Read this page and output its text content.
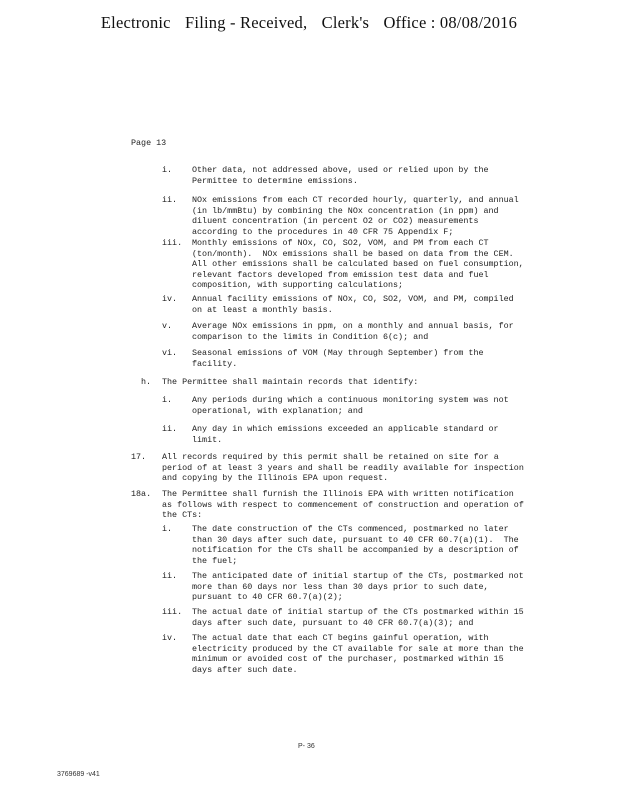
Electronic Filing - Received, Clerk's Office : 08/08/2016
Page 13
i. Other data, not addressed above, used or relied upon by the
Permittee to determine emissions.
ii. NOx emissions from each CT recorded hourly, quarterly, and annual
(in lb/mmBtu) by combining the NOx concentration (in ppm) and
diluent concentration (in percent O2 or CO2) measurements
according to the procedures in 40 CFR 75 Appendix F;
iii. Monthly emissions of NOx, CO, SO2, VOM, and PM from each CT
(ton/month).  NOx emissions shall be based on data from the CEM.
All other emissions shall be calculated based on fuel consumption,
relevant factors developed from emission test data and fuel
composition, with supporting calculations;
iv. Annual facility emissions of NOx, CO, SO2, VOM, and PM, compiled
on at least a monthly basis.
v. Average NOx emissions in ppm, on a monthly and annual basis, for
comparison to the limits in Condition 6(c); and
vi. Seasonal emissions of VOM (May through September) from the
facility.
h. The Permittee shall maintain records that identify:
i. Any periods during which a continuous monitoring system was not
operational, with explanation; and
ii. Any day in which emissions exceeded an applicable standard or
limit.
17. All records required by this permit shall be retained on site for a
period of at least 3 years and shall be readily available for inspection
and copying by the Illinois EPA upon request.
18a. The Permittee shall furnish the Illinois EPA with written notification
as follows with respect to commencement of construction and operation of
the CTs:
i. The date construction of the CTs commenced, postmarked no later
than 30 days after such date, pursuant to 40 CFR 60.7(a)(1).  The
notification for the CTs shall be accompanied by a description of
the fuel;
ii. The anticipated date of initial startup of the CTs, postmarked not
more than 60 days nor less than 30 days prior to such date,
pursuant to 40 CFR 60.7(a)(2);
iii. The actual date of initial startup of the CTs postmarked within 15
days after such date, pursuant to 40 CFR 60.7(a)(3); and
iv. The actual date that each CT begins gainful operation, with
electricity produced by the CT available for sale at more than the
minimum or avoided cost of the purchaser, postmarked within 15
days after such date.
P- 36
3769689 -v41
